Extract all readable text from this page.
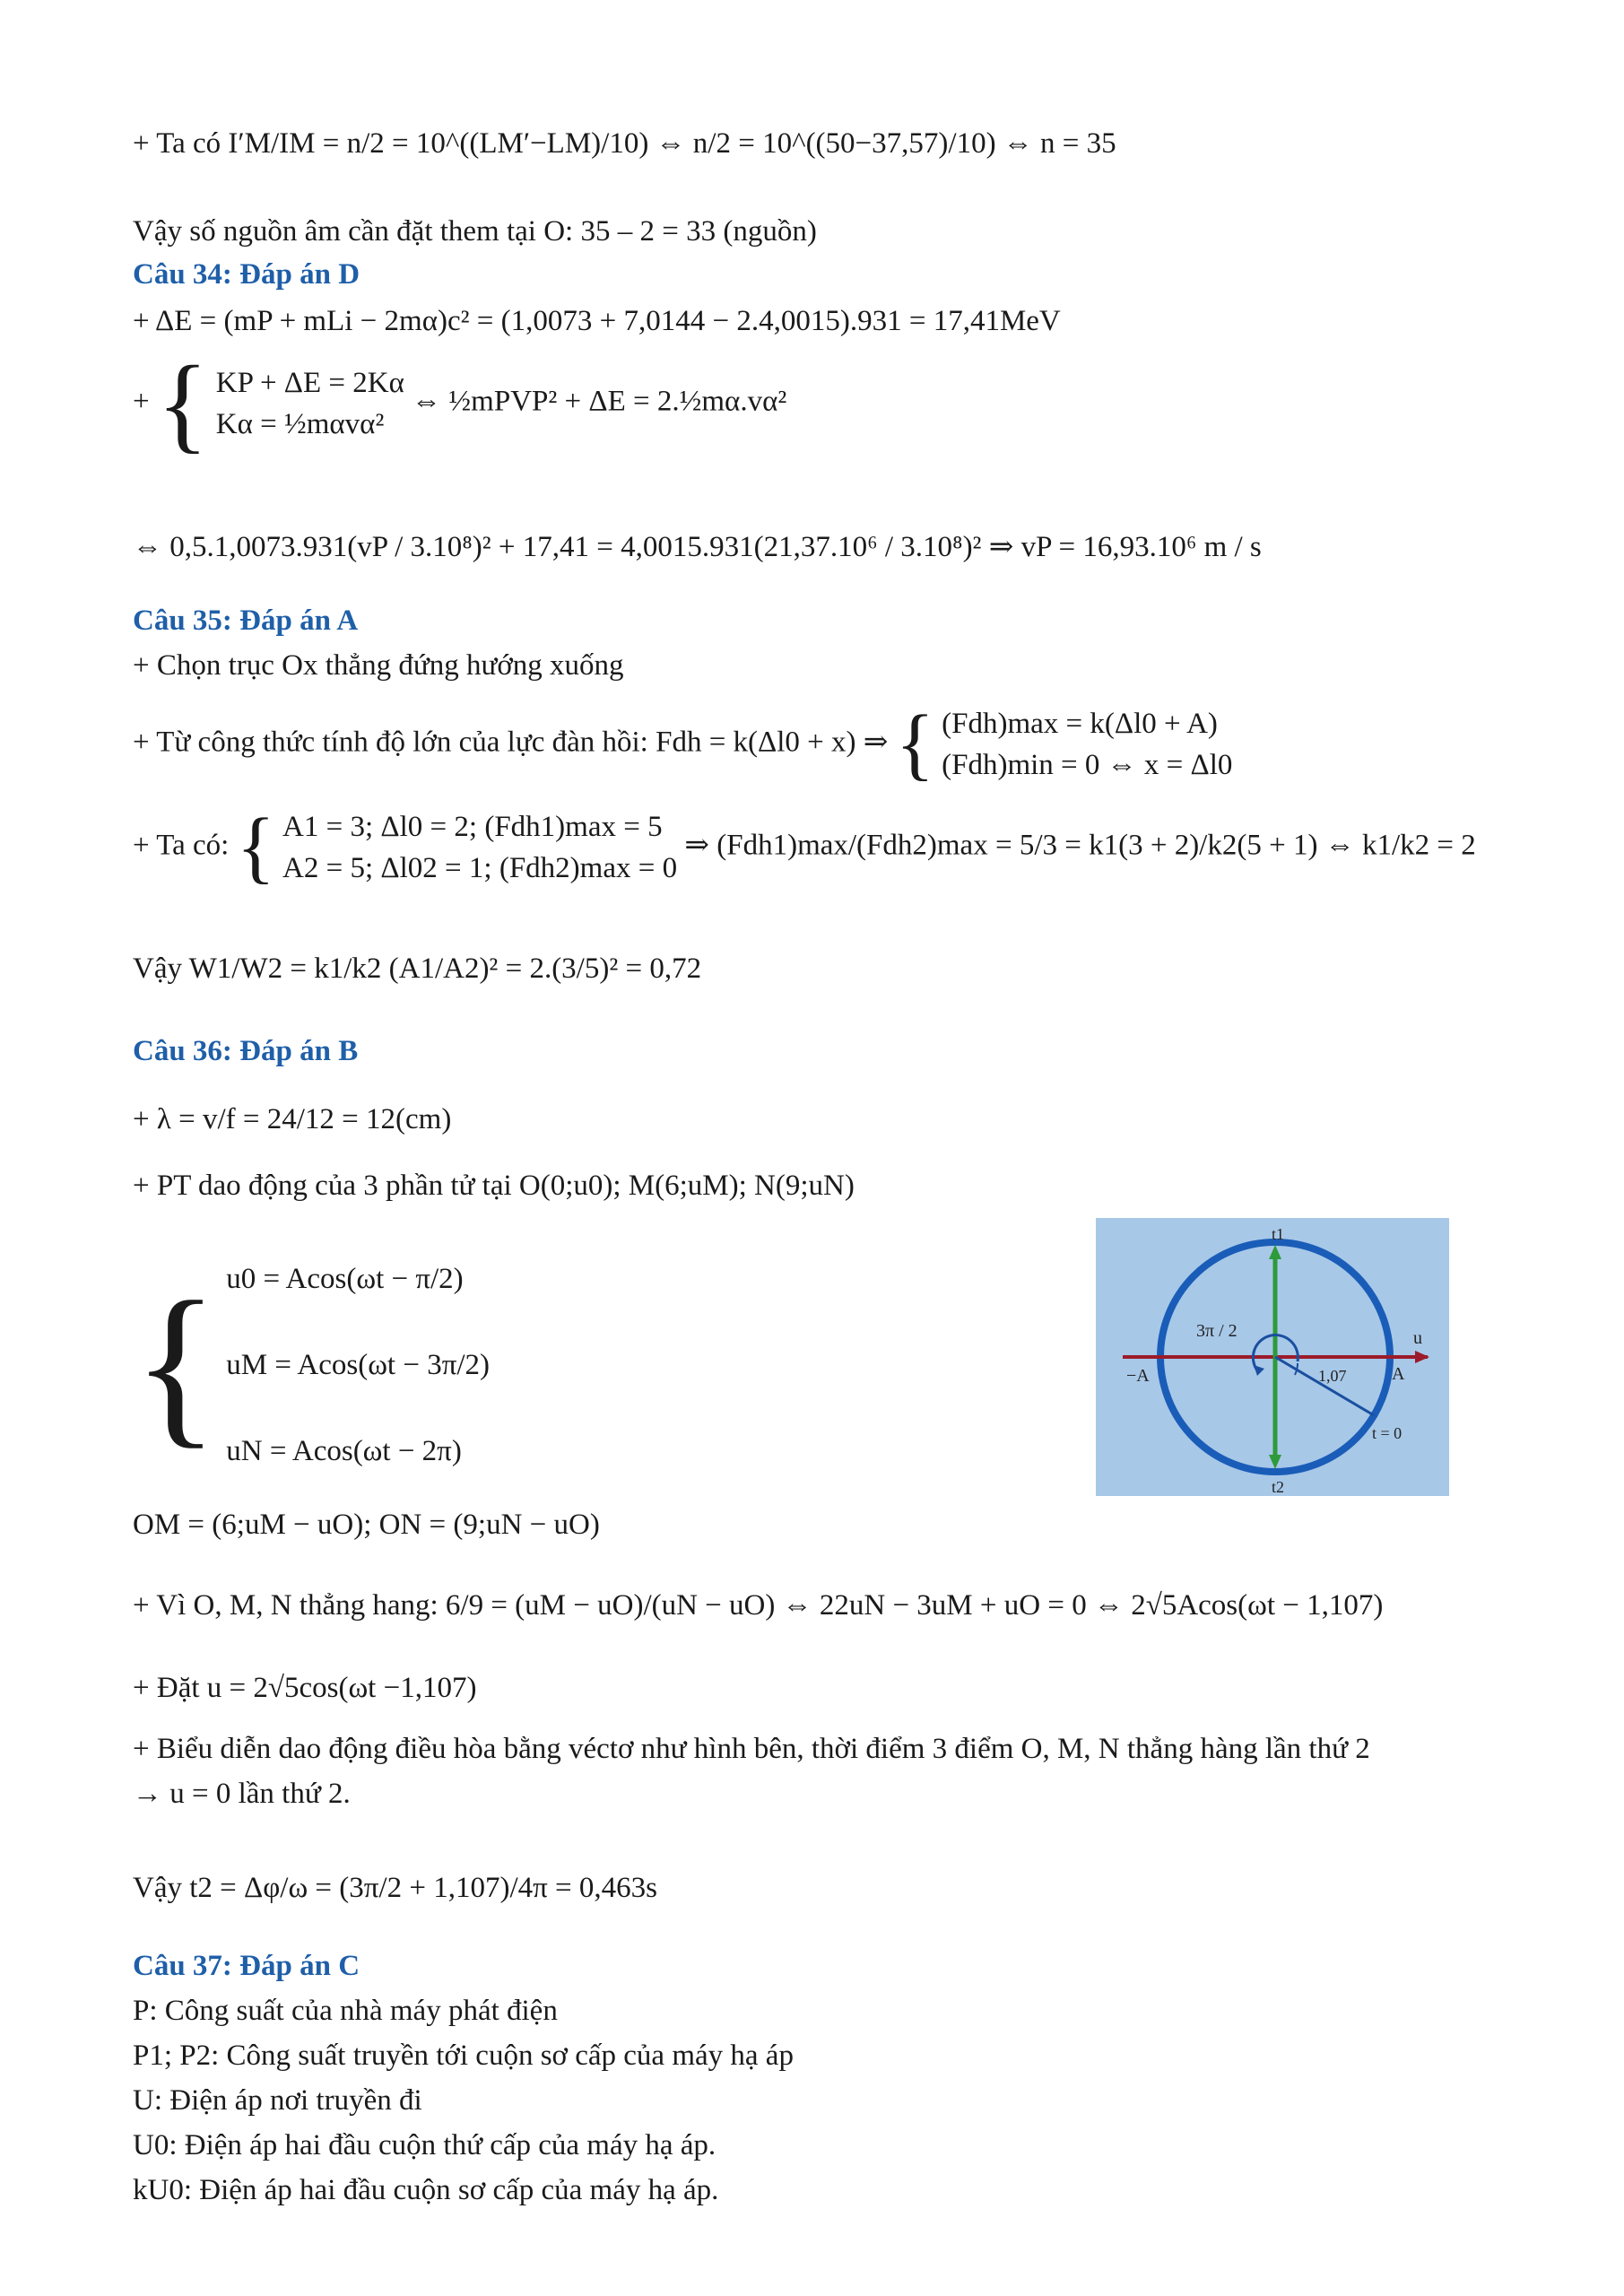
+ Ta có I′M/IM = n/2 = 10^((LM′−LM)/10) ⇔ n/2 = 10^((50−37,57)/10) ⇔ n = 35
Vậy số nguồn âm cần đặt them tại O: 35 – 2 = 33 (nguồn)
Câu 34: Đáp án D
+ ΔE = (mP + mLi − 2mα)c² = (1,0073 + 7,0144 − 2.4,0015).931 = 17,41MeV
+ { KP + ΔE = 2Kα
Kα = ½mαvα²
⇔ ½mPVP² + ΔE = 2.½mα.vα²
⇔ 0,5.1,0073.931(vP / 3.10⁸)² + 17,41 = 4,0015.931(21,37.10⁶ / 3.10⁸)² ⇒ vP = 16,93.10⁶ m / s
Câu 35: Đáp án A
+ Chọn trục Ox thẳng đứng hướng xuống
+ Từ công thức tính độ lớn của lực đàn hồi: Fdh = k(Δl0 + x) ⇒ { (Fdh)max = k(Δl0 + A)
(Fdh)min = 0 ⇔ x = Δl0
+ Ta có: { A1 = 3; Δl0 = 2; (Fdh1)max = 5
A2 = 5; Δl02 = 1; (Fdh2)max = 0
⇒ (Fdh1)max/(Fdh2)max = 5/3 = k1(3 + 2)/k2(5 + 1) ⇔ k1/k2 = 2
Vậy W1/W2 = k1/k2 (A1/A2)² = 2.(3/5)² = 0,72
Câu 36: Đáp án B
+ λ = v/f = 24/12 = 12(cm)
+ PT dao động của 3 phần tử tại O(0;u0); M(6;uM); N(9;uN)
{ u0 = Acos(ωt − π/2)
uM = Acos(ωt − 3π/2)
uN = Acos(ωt − 2π)
OM = (6;uM − uO); ON = (9;uN − uO)
+ Vì O, M, N thẳng hang: 6/9 = (uM − uO)/(uN − uO) ⇔ 22uN − 3uM + uO = 0 ⇔ 2√5Acos(ωt − 1,107)
+ Đặt u = 2√5cos(ωt −1,107)
+ Biểu diễn dao động điều hòa bằng véctơ như hình bên, thời điểm 3 điểm O, M, N thẳng hàng lần thứ 2
→ u = 0 lần thứ 2.
Vậy t2 = Δφ/ω = (3π/2 + 1,107)/4π = 0,463s
Câu 37: Đáp án C
P: Công suất của nhà máy phát điện
P1; P2: Công suất truyền tới cuộn sơ cấp của máy hạ áp
U: Điện áp nơi truyền đi
U0: Điện áp hai đầu cuộn thứ cấp của máy hạ áp.
kU0: Điện áp hai đầu cuộn sơ cấp của máy hạ áp.
t1
t2
u
−A	A
3π / 2
1,07
t = 0
